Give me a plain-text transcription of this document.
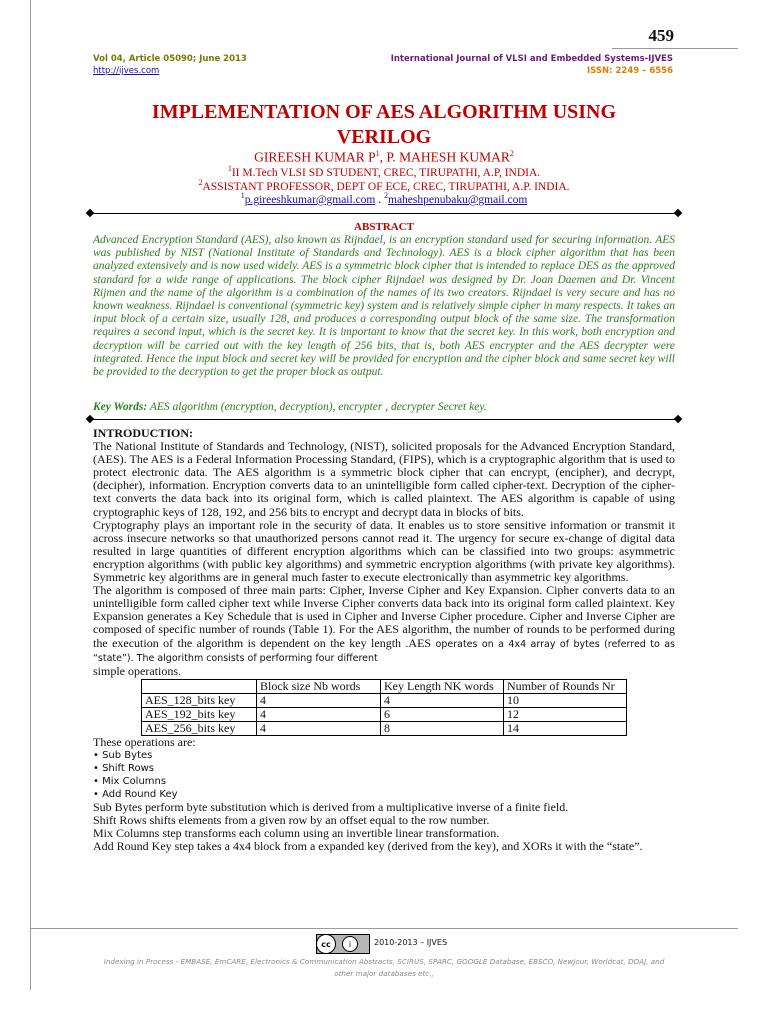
459
Vol 04, Article 05090; June 2013
http://ijves.com
International Journal of VLSI and Embedded Systems-IJVES
ISSN: 2249 – 6556
IMPLEMENTATION OF AES ALGORITHM USING
VERILOG
GIREESH KUMAR $P^1$, P. MAHESH KUMAR$^2$
$^1$II M.Tech VLSI SD STUDENT, CREC, TIRUPATHI, A.P, INDIA.
$^2$ASSISTANT PROFESSOR, DEPT OF ECE, CREC, TIRUPATHI, A.P. INDIA.
$^1$p.gireeshkumar@gmail.com . $^2$maheshpenubaku@gmail.com
ABSTRACT
Advanced Encryption Standard (AES), also known as Rijndael, is an encryption standard used for securing information. AES was published by NIST (National Institute of Standards and Technology). AES is a block cipher algorithm that has been analyzed extensively and is now used widely. AES is a symmetric block cipher that is intended to replace DES as the approved standard for a wide range of applications. The block cipher Rijndael was designed by Dr. Joan Daemen and Dr. Vincent Rijmen and the name of the algorithm is a combination of the names of its two creators. Rijndael is very secure and has no known weakness. Rijndael is conventional (symmetric key) system and is relatively simple cipher in many respects. It takes an input block of a certain size, usually 128, and produces a corresponding output block of the same size. The transformation requires a second input, which is the secret key. It is important to know that the secret key. In this work, both encryption and decryption will be carried out with the key length of 256 bits, that is, both AES encrypter and the AES decrypter were integrated. Hence the input block and secret key will be provided for encryption and the cipher block and same secret key will be provided to the decryption to get the proper block as output.
Key Words: AES algorithm (encryption, decryption), encrypter , decrypter Secret key.

INTRODUCTION:

The National Institute of Standards and Technology, (NIST), solicited proposals for the Advanced Encryption Standard, (AES). The AES is a Federal Information Processing Standard, (FIPS), which is a cryptographic algorithm that is used to protect electronic data. The AES algorithm is a symmetric block cipher that can encrypt, (encipher), and decrypt, (decipher), information. Encryption converts data to an unintelligible form called cipher-text. Decryption of the cipher-text converts the data back into its original form, which is called plaintext. The AES algorithm is capable of using cryptographic keys of 128, 192, and 256 bits to encrypt and decrypt data in blocks of bits.

Cryptography plays an important role in the security of data. It enables us to store sensitive information or transmit it across insecure networks so that unauthorized persons cannot read it. The urgency for secure ex-change of digital data resulted in large quantities of different encryption algorithms which can be classified into two groups: asymmetric encryption algorithms (with public key algorithms) and symmetric encryption algorithms (with private key algorithms). Symmetric key algorithms are in general much faster to execute electronically than asymmetric key algorithms.

The algorithm is composed of three main parts: Cipher, Inverse Cipher and Key Expansion. Cipher converts data to an unintelligible form called cipher text while Inverse Cipher converts data back into its original form called plaintext. Key Expansion generates a Key Schedule that is used in Cipher and Inverse Cipher procedure. Cipher and Inverse Cipher are composed of specific number of rounds (Table 1). For the AES algorithm, the number of rounds to be performed during the execution of the algorithm is dependent on the key length .AES operates on a 4x4 array of bytes (referred to as “state”). The algorithm consists of performing four different

simple operations.

	Block size Nb words	Key Length NK words	Number of Rounds Nr
AES_128_bits key	4	4	10
AES_192_bits key	4	6	12
AES_256_bits key	4	8	14

These operations are:

• Sub Bytes

• Shift Rows

• Mix Columns

• Add Round Key

Sub Bytes perform byte substitution which is derived from a multiplicative inverse of a finite field.

Shift Rows shifts elements from a given row by an offset equal to the row number.

Mix Columns step transforms each column using an invertible linear transformation.

Add Round Key step takes a 4x4 block from a expanded key (derived from the key), and XORs it with the “state”.

cc	i	2010-2013 – IJVES
Indexing in Process - EMBASE, EmCARE, Electronics & Communication Abstracts, SCIRUS, SPARC, GOOGLE Database, EBSCO, NewJour, Worldcat, DOAJ, and other major databases etc.,
